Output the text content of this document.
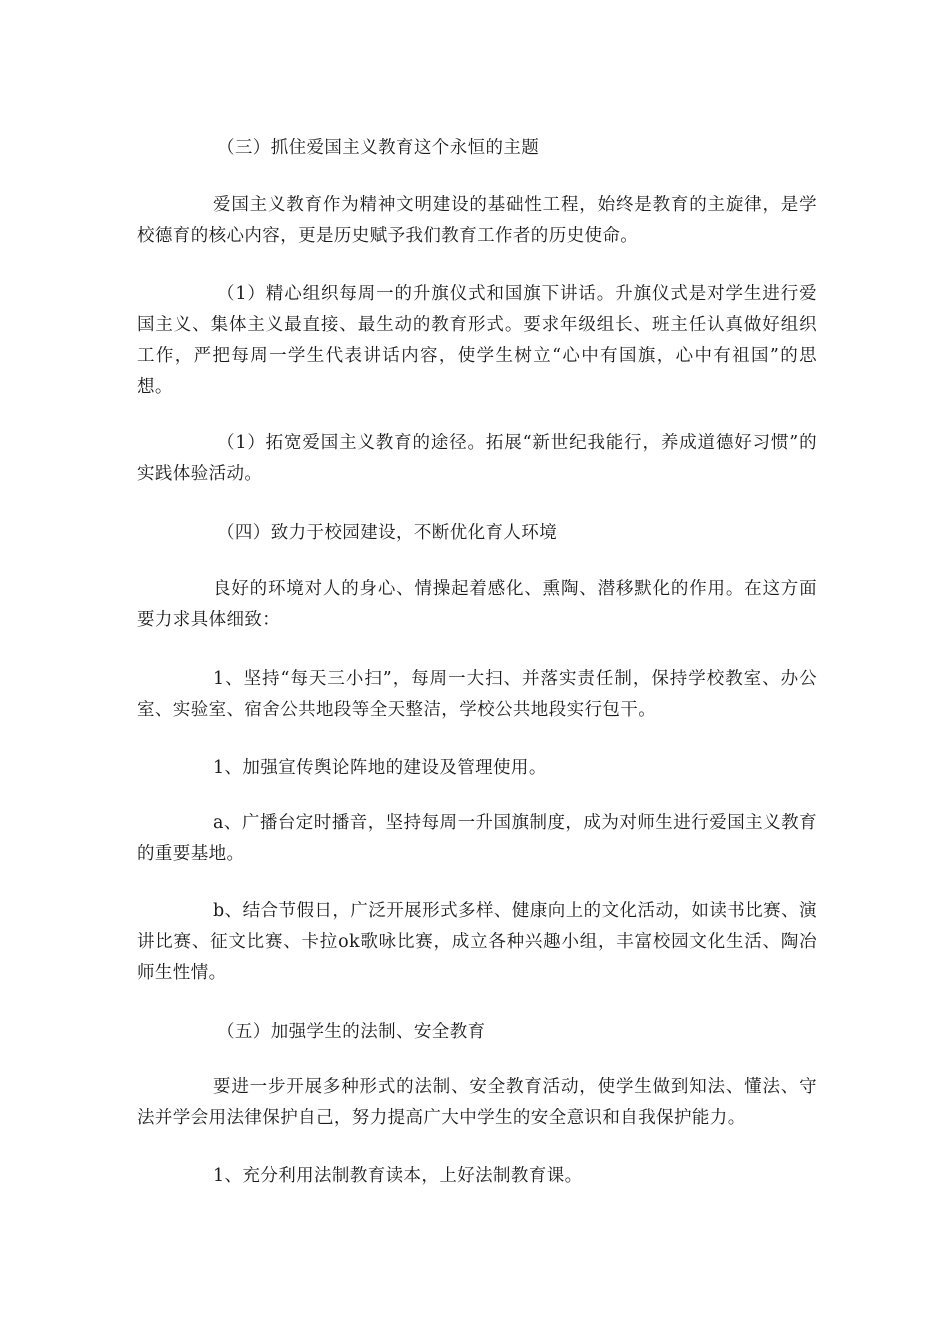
（三）抓住爱国主义教育这个永恒的主题

爱国主义教育作为精神文明建设的基础性工程，始终是教育的主旋律，是学校德育的核心内容，更是历史赋予我们教育工作者的历史使命。

（1）精心组织每周一的升旗仪式和国旗下讲话。升旗仪式是对学生进行爱国主义、集体主义最直接、最生动的教育形式。要求年级组长、班主任认真做好组织工作，严把每周一学生代表讲话内容，使学生树立“心中有国旗，心中有祖国”的思想。

（1）拓宽爱国主义教育的途径。拓展“新世纪我能行，养成道德好习惯”的实践体验活动。

（四）致力于校园建设，不断优化育人环境

良好的环境对人的身心、情操起着感化、熏陶、潜移默化的作用。在这方面要力求具体细致：

1、坚持“每天三小扫”，每周一大扫、并落实责任制，保持学校教室、办公室、实验室、宿舍公共地段等全天整洁，学校公共地段实行包干。

1、加强宣传舆论阵地的建设及管理使用。

a、广播台定时播音，坚持每周一升国旗制度，成为对师生进行爱国主义教育的重要基地。

b、结合节假日，广泛开展形式多样、健康向上的文化活动，如读书比赛、演讲比赛、征文比赛、卡拉ok歌咏比赛，成立各种兴趣小组，丰富校园文化生活、陶冶师生性情。

（五）加强学生的法制、安全教育

要进一步开展多种形式的法制、安全教育活动，使学生做到知法、懂法、守法并学会用法律保护自己，努力提高广大中学生的安全意识和自我保护能力。

1、充分利用法制教育读本，上好法制教育课。
